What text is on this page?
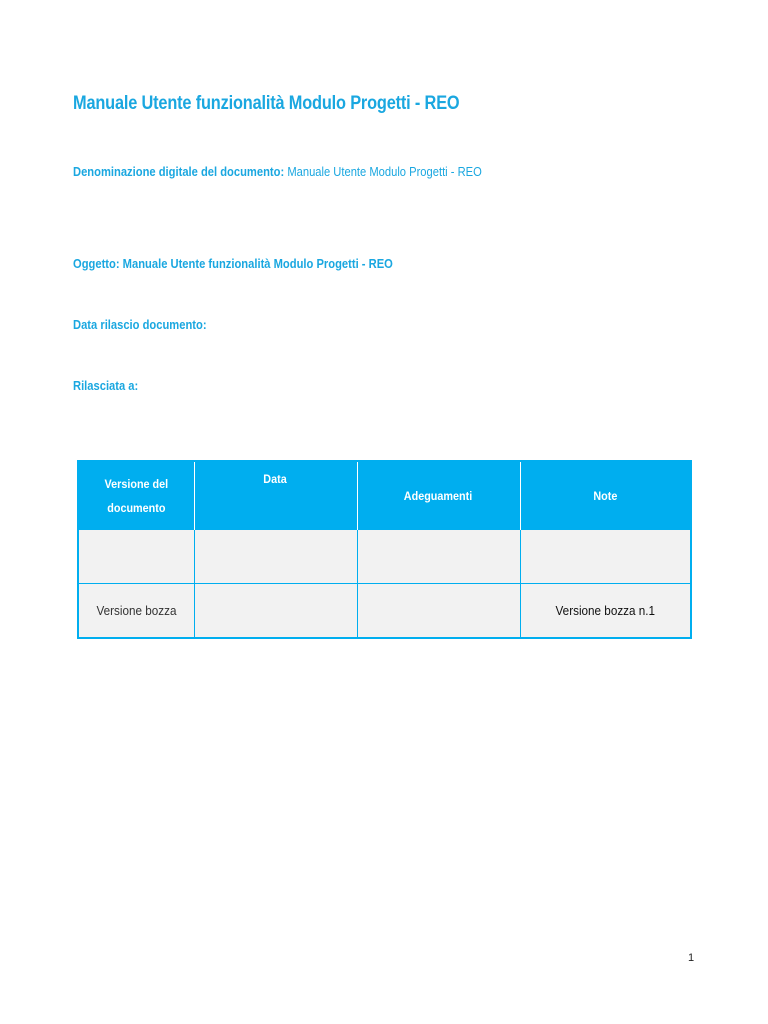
Manuale Utente funzionalità Modulo Progetti - REO
Denominazione digitale del documento: Manuale Utente Modulo Progetti - REO
Oggetto: Manuale Utente funzionalità Modulo Progetti - REO
Data rilascio documento:
Rilasciata a:
Versione del
documento	Data	Adeguamenti	Note

Versione bozza			Versione bozza n.1
1
